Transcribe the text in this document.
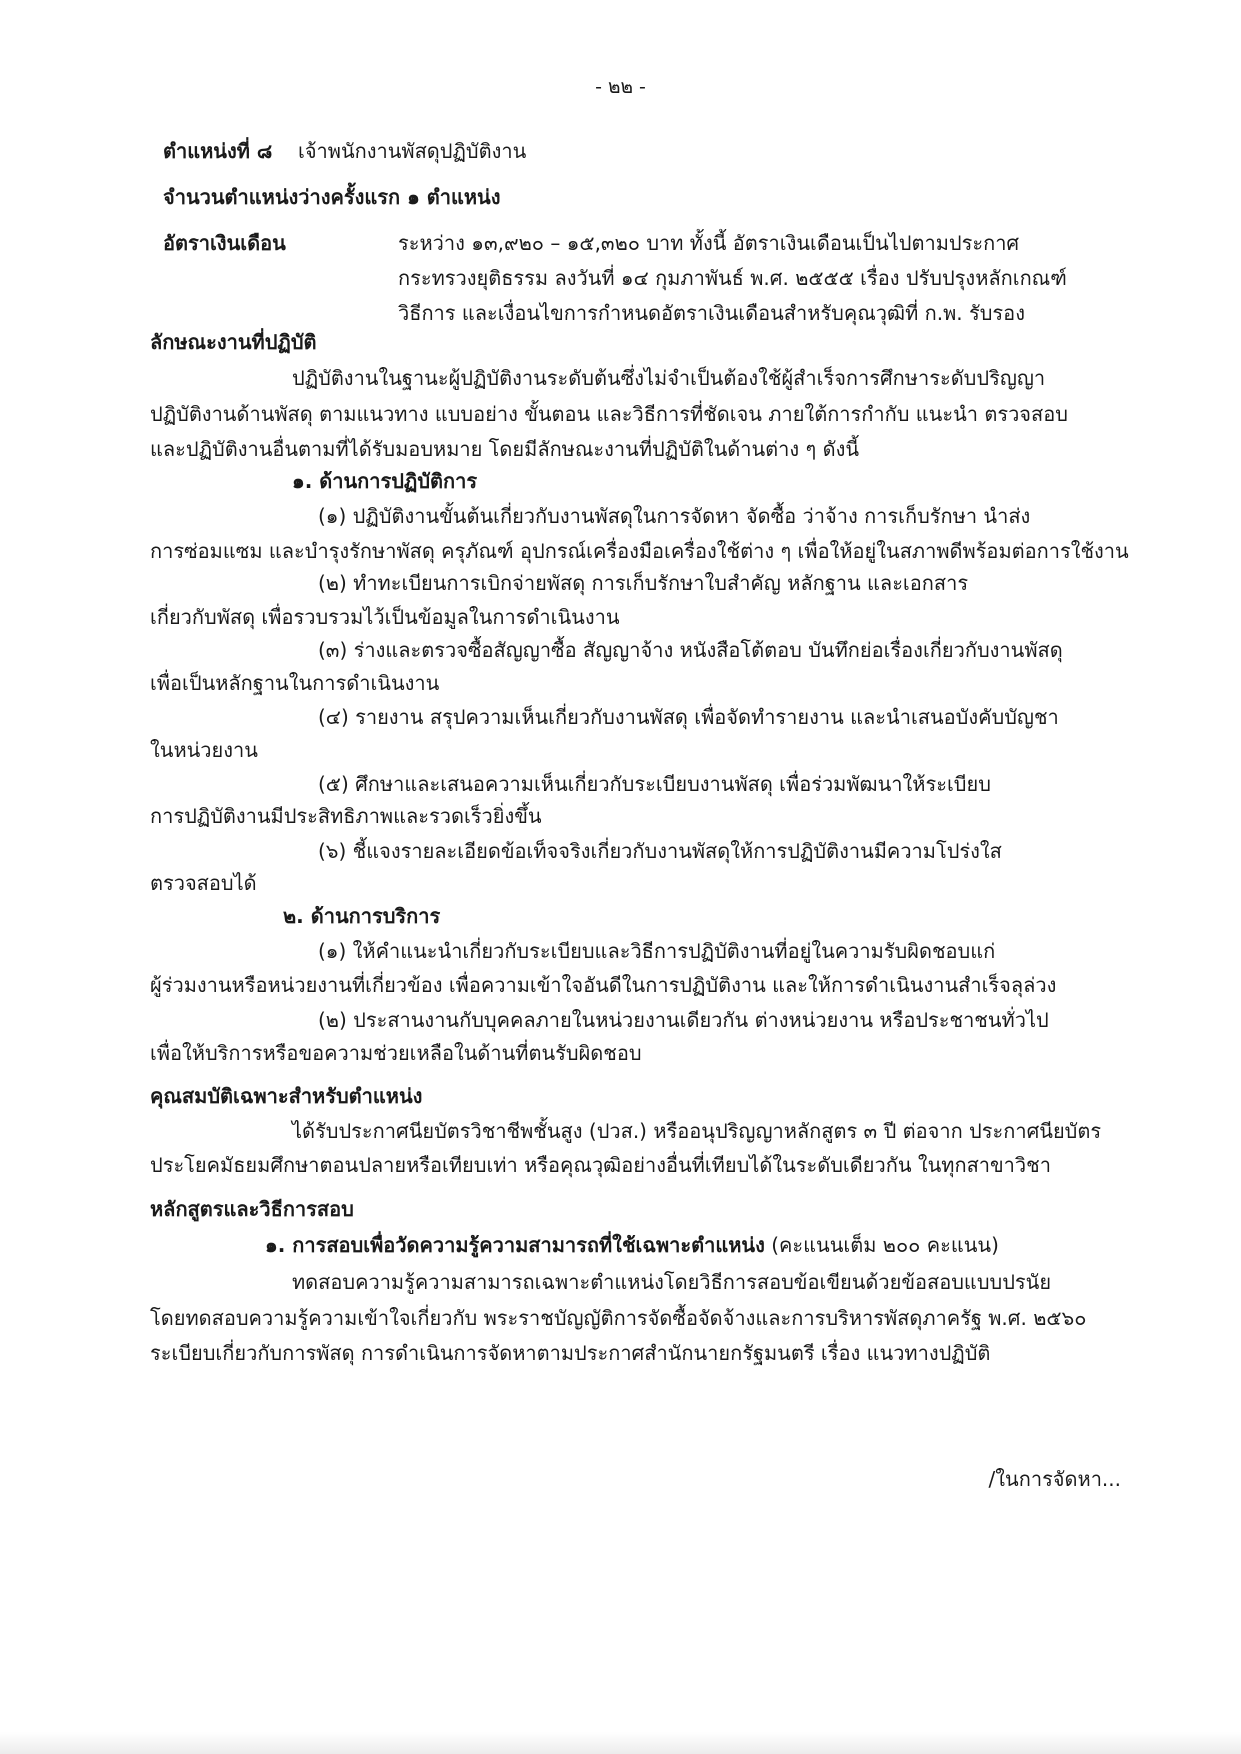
- ๒๒ -
ตำแหน่งที่ ๘ เจ้าพนักงานพัสดุปฏิบัติงาน
จำนวนตำแหน่งว่างครั้งแรก ๑ ตำแหน่ง
อัตราเงินเดือน	ระหว่าง ๑๓,๙๒๐ – ๑๕,๓๒๐ บาท ทั้งนี้ อัตราเงินเดือนเป็นไปตามประกาศ
กระทรวงยุติธรรม ลงวันที่ ๑๔ กุมภาพันธ์ พ.ศ. ๒๕๕๕ เรื่อง ปรับปรุงหลักเกณฑ์
วิธีการ และเงื่อนไขการกำหนดอัตราเงินเดือนสำหรับคุณวุฒิที่ ก.พ. รับรอง
ลักษณะงานที่ปฏิบัติ
ปฏิบัติงานในฐานะผู้ปฏิบัติงานระดับต้นซึ่งไม่จำเป็นต้องใช้ผู้สำเร็จการศึกษาระดับปริญญา
ปฏิบัติงานด้านพัสดุ ตามแนวทาง แบบอย่าง ขั้นตอน และวิธีการที่ชัดเจน ภายใต้การกำกับ แนะนำ ตรวจสอบ
และปฏิบัติงานอื่นตามที่ได้รับมอบหมาย โดยมีลักษณะงานที่ปฏิบัติในด้านต่าง ๆ ดังนี้
๑. ด้านการปฏิบัติการ
(๑) ปฏิบัติงานขั้นต้นเกี่ยวกับงานพัสดุในการจัดหา จัดซื้อ ว่าจ้าง การเก็บรักษา นำส่ง
การซ่อมแซม และบำรุงรักษาพัสดุ ครุภัณฑ์ อุปกรณ์เครื่องมือเครื่องใช้ต่าง ๆ เพื่อให้อยู่ในสภาพดีพร้อมต่อการใช้งาน
(๒) ทำทะเบียนการเบิกจ่ายพัสดุ การเก็บรักษาใบสำคัญ หลักฐาน และเอกสาร
เกี่ยวกับพัสดุ เพื่อรวบรวมไว้เป็นข้อมูลในการดำเนินงาน
(๓) ร่างและตรวจซื้อสัญญาซื้อ สัญญาจ้าง หนังสือโต้ตอบ บันทึกย่อเรื่องเกี่ยวกับงานพัสดุ
เพื่อเป็นหลักฐานในการดำเนินงาน
(๔) รายงาน สรุปความเห็นเกี่ยวกับงานพัสดุ เพื่อจัดทำรายงาน และนำเสนอบังคับบัญชา
ในหน่วยงาน
(๕) ศึกษาและเสนอความเห็นเกี่ยวกับระเบียบงานพัสดุ เพื่อร่วมพัฒนาให้ระเบียบ
การปฏิบัติงานมีประสิทธิภาพและรวดเร็วยิ่งขึ้น
(๖) ชี้แจงรายละเอียดข้อเท็จจริงเกี่ยวกับงานพัสดุให้การปฏิบัติงานมีความโปร่งใส
ตรวจสอบได้
๒. ด้านการบริการ
(๑) ให้คำแนะนำเกี่ยวกับระเบียบและวิธีการปฏิบัติงานที่อยู่ในความรับผิดชอบแก่
ผู้ร่วมงานหรือหน่วยงานที่เกี่ยวข้อง เพื่อความเข้าใจอันดีในการปฏิบัติงาน และให้การดำเนินงานสำเร็จลุล่วง
(๒) ประสานงานกับบุคคลภายในหน่วยงานเดียวกัน ต่างหน่วยงาน หรือประชาชนทั่วไป
เพื่อให้บริการหรือขอความช่วยเหลือในด้านที่ตนรับผิดชอบ
คุณสมบัติเฉพาะสำหรับตำแหน่ง
ได้รับประกาศนียบัตรวิชาชีพชั้นสูง (ปวส.) หรืออนุปริญญาหลักสูตร ๓ ปี ต่อจาก ประกาศนียบัตร
ประโยคมัธยมศึกษาตอนปลายหรือเทียบเท่า หรือคุณวุฒิอย่างอื่นที่เทียบได้ในระดับเดียวกัน ในทุกสาขาวิชา
หลักสูตรและวิธีการสอบ
๑. การสอบเพื่อวัดความรู้ความสามารถที่ใช้เฉพาะตำแหน่ง (คะแนนเต็ม ๒๐๐ คะแนน)
ทดสอบความรู้ความสามารถเฉพาะตำแหน่งโดยวิธีการสอบข้อเขียนด้วยข้อสอบแบบปรนัย
โดยทดสอบความรู้ความเข้าใจเกี่ยวกับ พระราชบัญญัติการจัดซื้อจัดจ้างและการบริหารพัสดุภาครัฐ พ.ศ. ๒๕๖๐
ระเบียบเกี่ยวกับการพัสดุ การดำเนินการจัดหาตามประกาศสำนักนายกรัฐมนตรี เรื่อง แนวทางปฏิบัติ
/ในการจัดหา...
